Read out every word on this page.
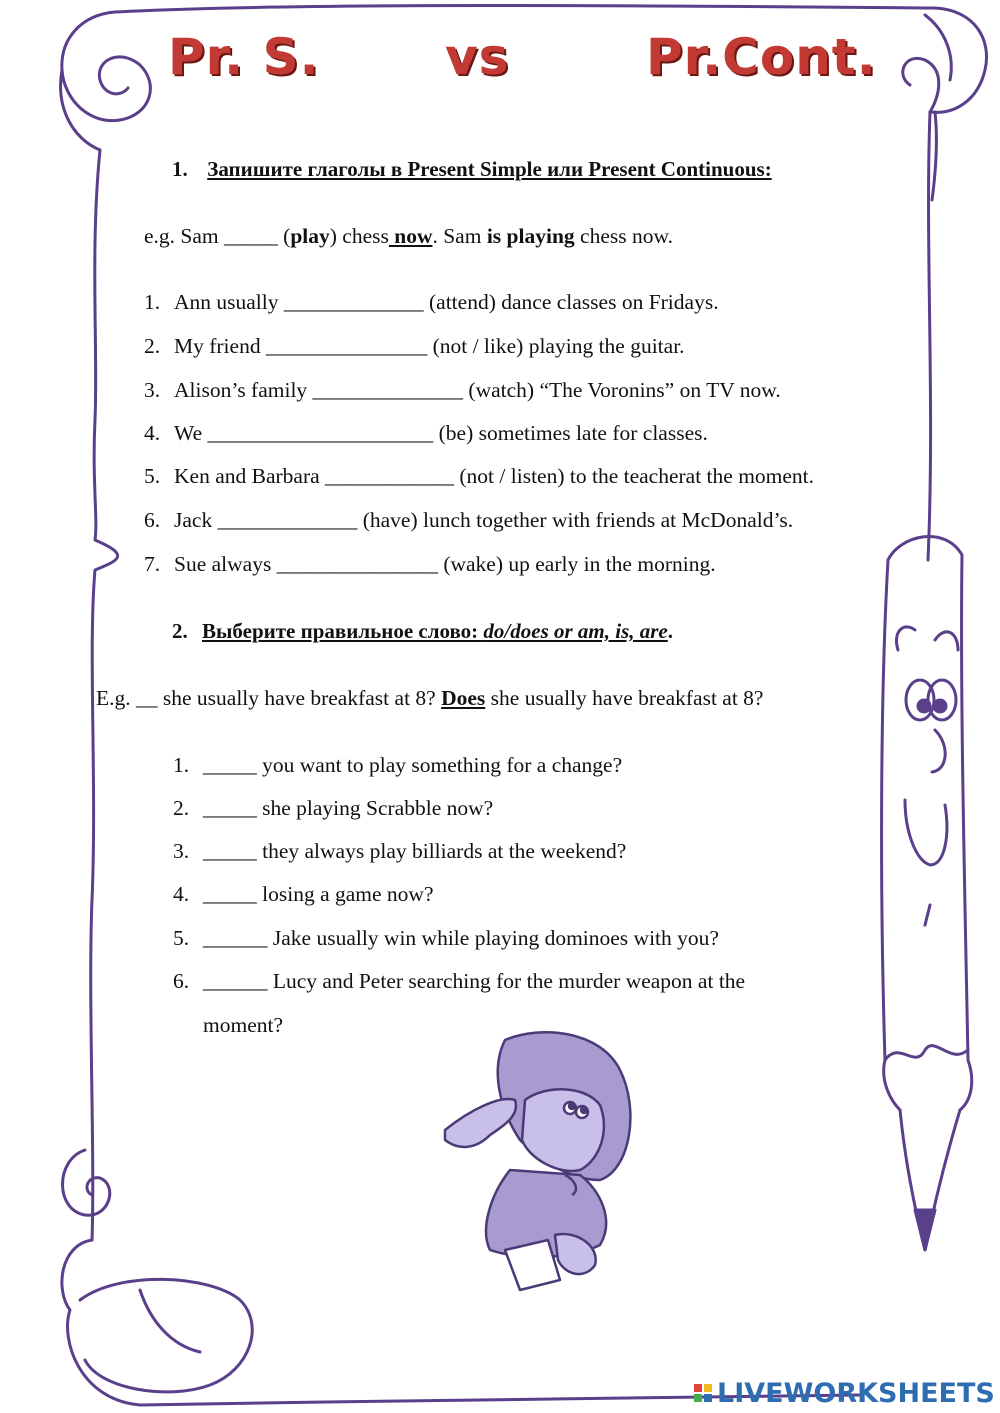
Pr. S.	vs	Pr.Cont.
1. Запишите глаголы в Present Simple или Present Continuous:
e.g. Sam _____ (play) chess now. Sam is playing chess now.
1. Ann usually _____________ (attend) dance classes on Fridays.
2. My friend _______________ (not / like) playing the guitar.
3. Alison’s family ______________ (watch) “The Voronins” on TV now.
4. We _____________________ (be) sometimes late for classes.
5. Ken and Barbara ____________ (not / listen) to the teacherat the moment.
6. Jack _____________ (have) lunch together with friends at McDonald’s.
7. Sue always _______________ (wake) up early in the morning.
2. Выберите правильное слово: do/does or am, is, are.
E.g. __ she usually have breakfast at 8? Does she usually have breakfast at 8?
1. _____ you want to play something for a change?
2. _____ she playing Scrabble now?
3. _____ they always play billiards at the weekend?
4. _____ losing a game now?
5. ______ Jake usually win while playing dominoes with you?
6. ______ Lucy and Peter searching for the murder weapon at the
moment?
LIVEWORKSHEETS
